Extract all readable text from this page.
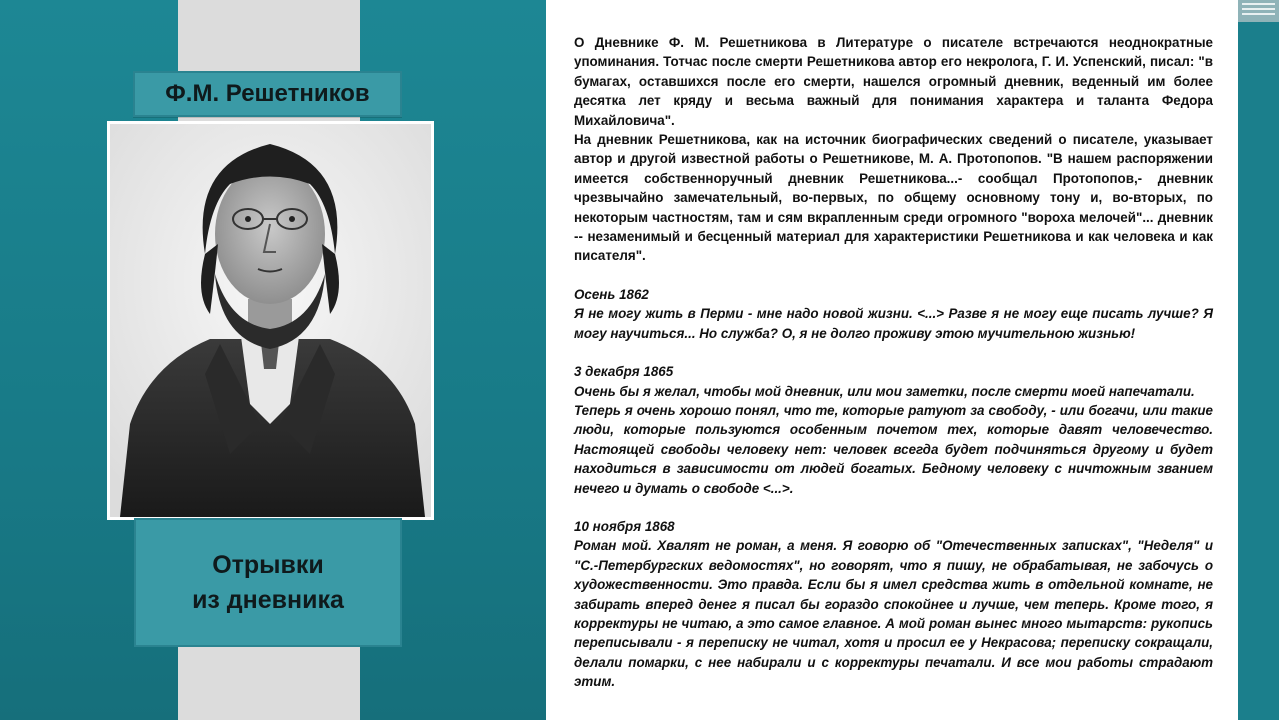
Ф.М. Решетников
Отрывки
из дневника

О Дневнике Ф. М. Решетникова в Литературе о писателе встречаются неоднократные упоминания. Тотчас после смерти Решетникова автор его некролога, Г. И. Успенский, писал: "в бумагах, оставшихся после его смерти, нашелся огромный дневник, веденный им более десятка лет кряду и весьма важный для понимания характера и таланта Федора Михайловича".

На дневник Решетникова, как на источник биографических сведений о писателе, указывает автор и другой известной работы о Решетникове, М. А. Протопопов. "В нашем распоряжении имеется собственноручный дневник Решетникова...- сообщал Протопопов,- дневник чрезвычайно замечательный, во-первых, по общему основному тону и, во-вторых, по некоторым частностям, там и сям вкрапленным среди огромного "вороха мелочей"... дневник -- незаменимый и бесценный материал для характеристики Решетникова и как человека и как писателя".

Осень 1862

Я не могу жить в Перми - мне надо новой жизни. <...> Разве я не могу еще писать лучше? Я могу научиться... Но служба? О, я не долго проживу этою мучительною жизнью!

3 декабря 1865

Очень бы я желал, чтобы мой дневник, или мои заметки, после смерти моей напечатали.

Теперь я очень хорошо понял, что те, которые ратуют за свободу, - или богачи, или такие люди, которые пользуются особенным почетом тех, которые давят человечество. Настоящей свободы человеку нет: человек всегда будет подчиняться другому и будет находиться в зависимости от людей богатых. Бедному человеку с ничтожным званием нечего и думать о свободе <...>.

10 ноября 1868

Роман мой. Хвалят не роман, а меня. Я говорю об "Отечественных записках", "Неделя" и "С.-Петербургских ведомостях", но говорят, что я пишу, не обрабатывая, не забочусь о художественности. Это правда. Если бы я имел средства жить в отдельной комнате, не забирать вперед денег я писал бы гораздо спокойнее и лучше, чем теперь. Кроме того, я корректуры не читаю, а это самое главное. А мой роман вынес много мытарств: рукопись переписывали - я переписку не читал, хотя и просил ее у Некрасова; переписку сокращали, делали помарки, с нее набирали и с корректуры печатали. И все мои работы страдают этим.
